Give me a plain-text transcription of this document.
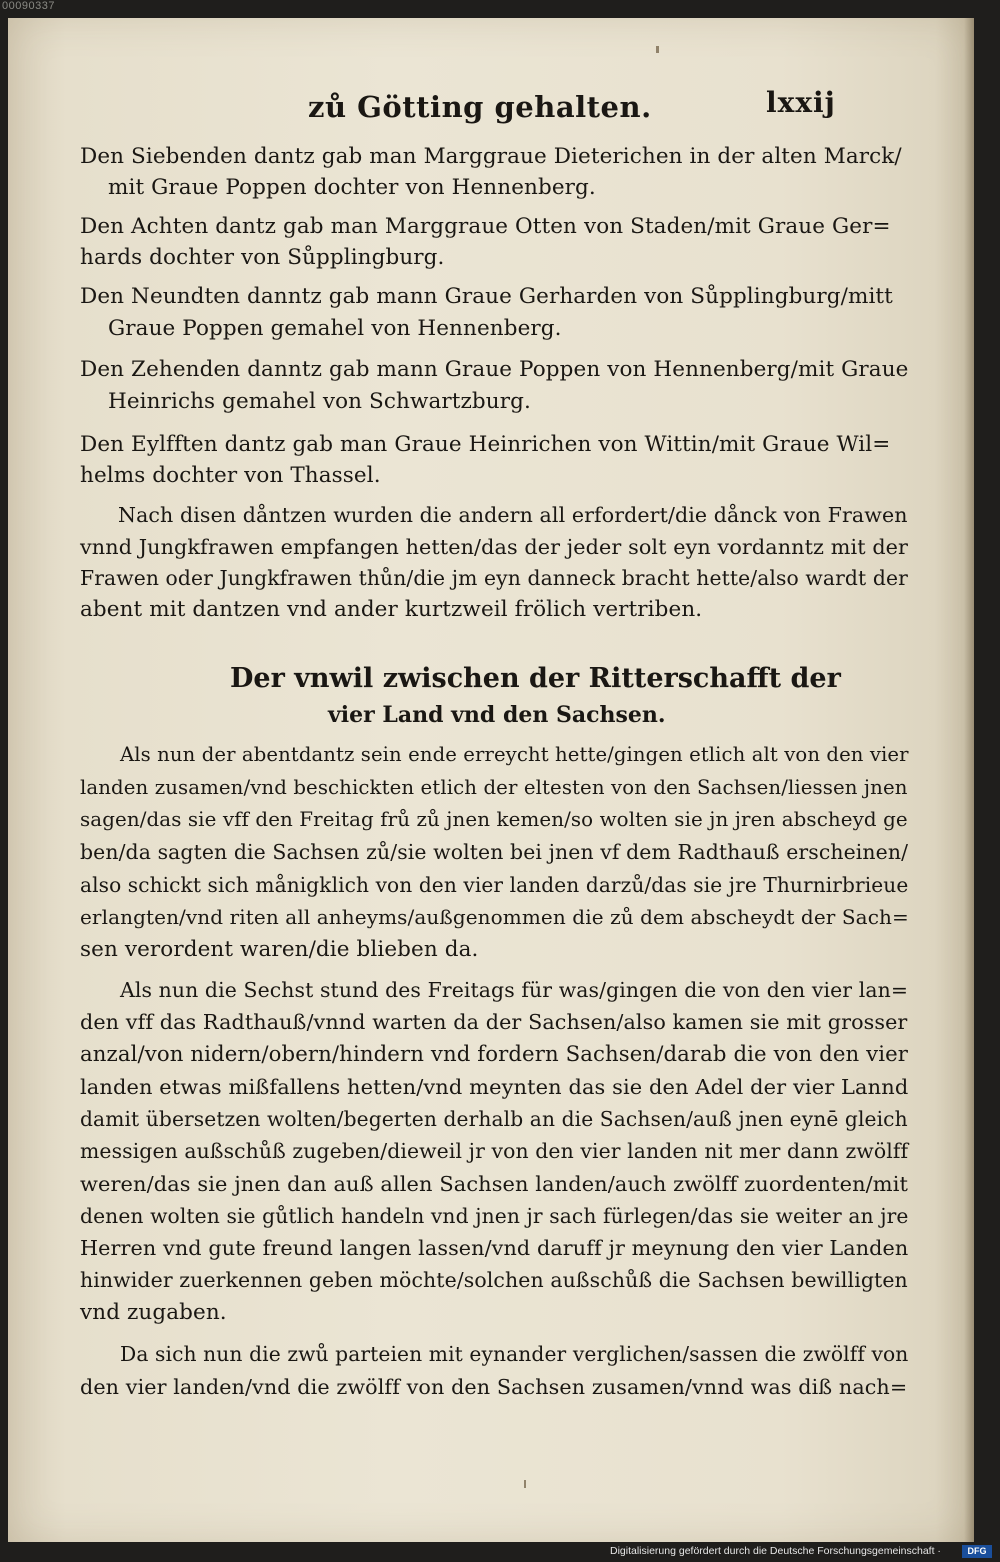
00090337
zů Götting gehalten.	lxxij
Den Siebenden dantz gab man Marggraue Dieterichen in der alten Marck/
mit Graue Poppen dochter von Hennenberg.
Den Achten dantz gab man Marggraue Otten von Staden/mit Graue Ger=
hards dochter von Sůpplingburg.
Den Neundten danntz gab mann Graue Gerharden von Sůpplingburg/mitt
Graue Poppen gemahel von Hennenberg.
Den Zehenden danntz gab mann Graue Poppen von Hennenberg/mit Graue
Heinrichs gemahel von Schwartzburg.
Den Eylfften dantz gab man Graue Heinrichen von Wittin/mit Graue Wil=
helms dochter von Thassel.
Nach disen dåntzen wurden die andern all erfordert/die dånck von Frawen
vnnd Jungkfrawen empfangen hetten/das der jeder solt eyn vordanntz mit der
Frawen oder Jungkfrawen thůn/die jm eyn danneck bracht hette/also wardt der
abent mit dantzen vnd ander kurtzweil frölich vertriben.
Der vnwil zwischen der Ritterschafft der
vier Land vnd den Sachsen.
Als nun der abentdantz sein ende erreycht hette/gingen etlich alt von den vier
landen zusamen/vnd beschickten etlich der eltesten von den Sachsen/liessen jnen
sagen/das sie vff den Freitag frů zů jnen kemen/so wolten sie jn jren abscheyd ge
ben/da sagten die Sachsen zů/sie wolten bei jnen vf dem Radthauß erscheinen/
also schickt sich månigklich von den vier landen darzů/das sie jre Thurnirbrieue
erlangten/vnd riten all anheyms/außgenommen die zů dem abscheydt der Sach=
sen verordent waren/die blieben da.
Als nun die Sechst stund des Freitags für was/gingen die von den vier lan=
den vff das Radthauß/vnnd warten da der Sachsen/also kamen sie mit grosser
anzal/von nidern/obern/hindern vnd fordern Sachsen/darab die von den vier
landen etwas mißfallens hetten/vnd meynten das sie den Adel der vier Lannd
damit übersetzen wolten/begerten derhalb an die Sachsen/auß jnen eynē gleich
messigen außschůß zugeben/dieweil jr von den vier landen nit mer dann zwölff
weren/das sie jnen dan auß allen Sachsen landen/auch zwölff zuordenten/mit
denen wolten sie gůtlich handeln vnd jnen jr sach fürlegen/das sie weiter an jre
Herren vnd gute freund langen lassen/vnd daruff jr meynung den vier Landen
hinwider zuerkennen geben möchte/solchen außschůß die Sachsen bewilligten
vnd zugaben.
Da sich nun die zwů parteien mit eynander verglichen/sassen die zwölff von
den vier landen/vnd die zwölff von den Sachsen zusamen/vnnd was diß nach=
Digitalisierung gefördert durch die Deutsche Forschungsgemeinschaft ·	DFG
